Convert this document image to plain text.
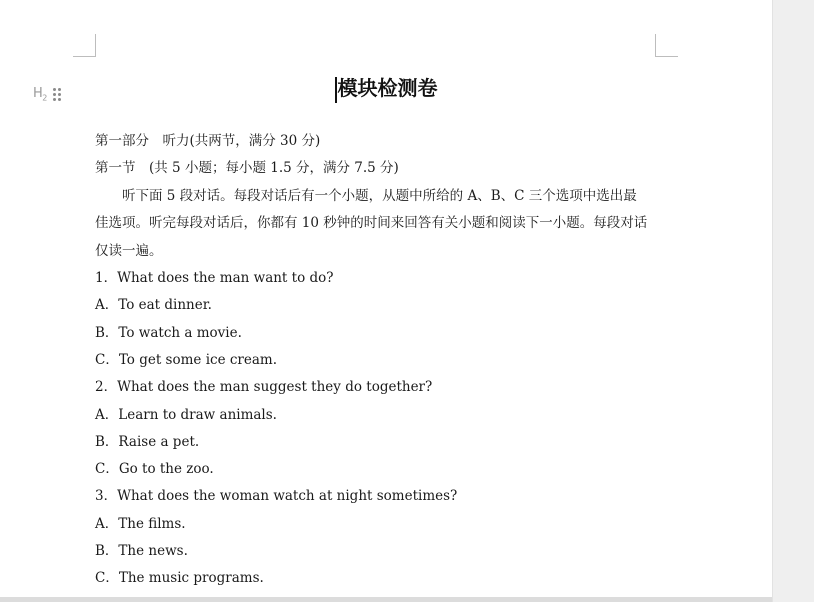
$H_2$	模块检测卷
第一部分　听力(共两节，满分 30 分)
第一节　(共 5 小题；每小题 1.5 分，满分 7.5 分)
听下面 5 段对话。每段对话后有一个小题，从题中所给的 A、B、C 三个选项中选出最
佳选项。听完每段对话后，你都有 10 秒钟的时间来回答有关小题和阅读下一小题。每段对话
仅读一遍。
1．What does the man want to do?
A．To eat dinner.
B．To watch a movie.
C．To get some ice cream.
2．What does the man suggest they do together?
A．Learn to draw animals.
B．Raise a pet.
C．Go to the zoo.
3．What does the woman watch at night sometimes?
A．The films.
B．The news.
C．The music programs.
